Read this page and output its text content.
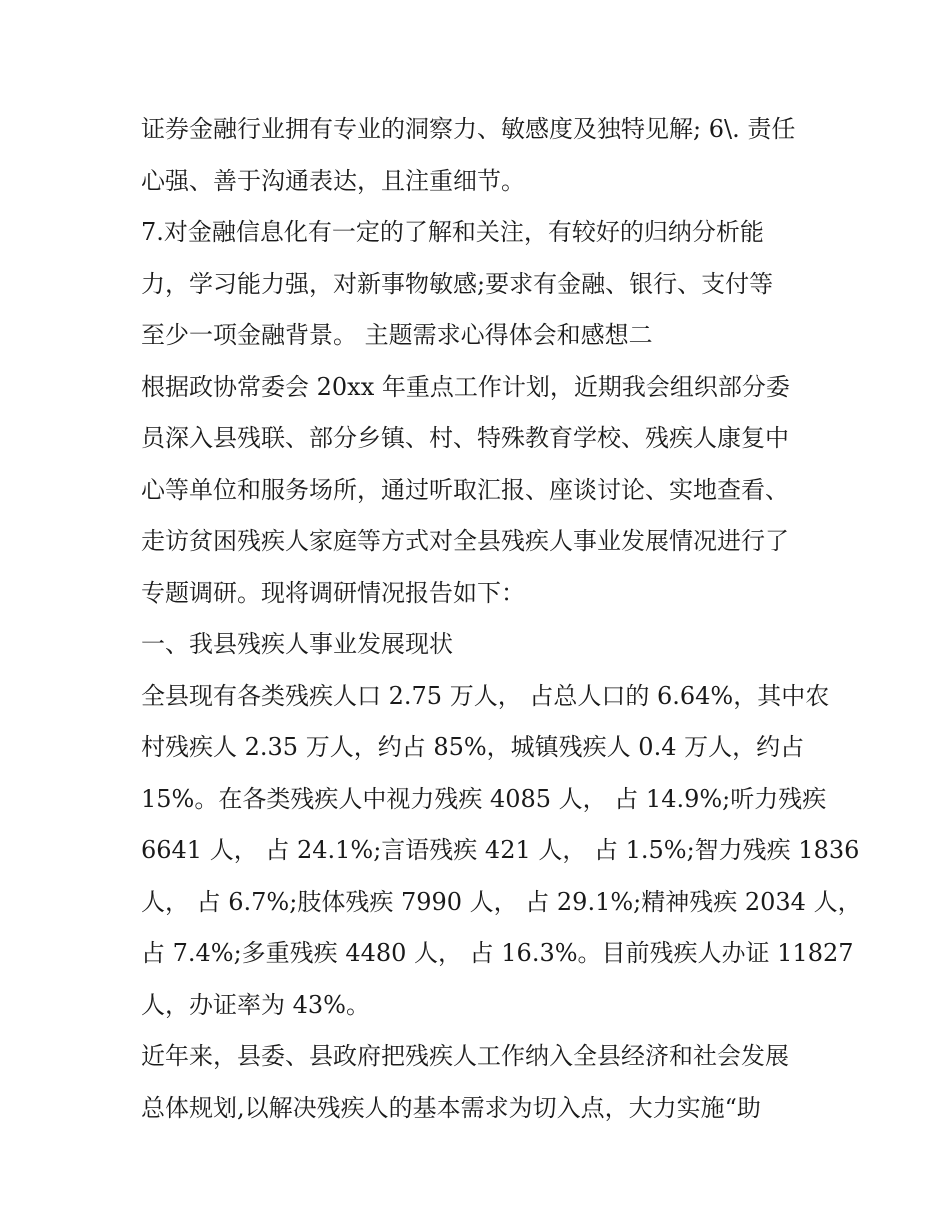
证券金融行业拥有专业的洞察力、敏感度及独特见解; 6\. 责任
心强、善于沟通表达，且注重细节。
7.对金融信息化有一定的了解和关注，有较好的归纳分析能
力，学习能力强，对新事物敏感;要求有金融、银行、支付等
至少一项金融背景。 主题需求心得体会和感想二
根据政协常委会 20xx 年重点工作计划，近期我会组织部分委
员深入县残联、部分乡镇、村、特殊教育学校、残疾人康复中
心等单位和服务场所，通过听取汇报、座谈讨论、实地查看、
走访贫困残疾人家庭等方式对全县残疾人事业发展情况进行了
专题调研。现将调研情况报告如下：
一、我县残疾人事业发展现状
全县现有各类残疾人口 2.75 万人， 占总人口的 6.64%，其中农
村残疾人 2.35 万人，约占 85%，城镇残疾人 0.4 万人，约占
15%。在各类残疾人中视力残疾 4085 人， 占 14.9%;听力残疾
6641 人， 占 24.1%;言语残疾 421 人， 占 1.5%;智力残疾 1836
人， 占 6.7%;肢体残疾 7990 人， 占 29.1%;精神残疾 2034 人，
占 7.4%;多重残疾 4480 人， 占 16.3%。目前残疾人办证 11827
人，办证率为 43%。
近年来，县委、县政府把残疾人工作纳入全县经济和社会发展
总体规划,以解决残疾人的基本需求为切入点，大力实施“助
